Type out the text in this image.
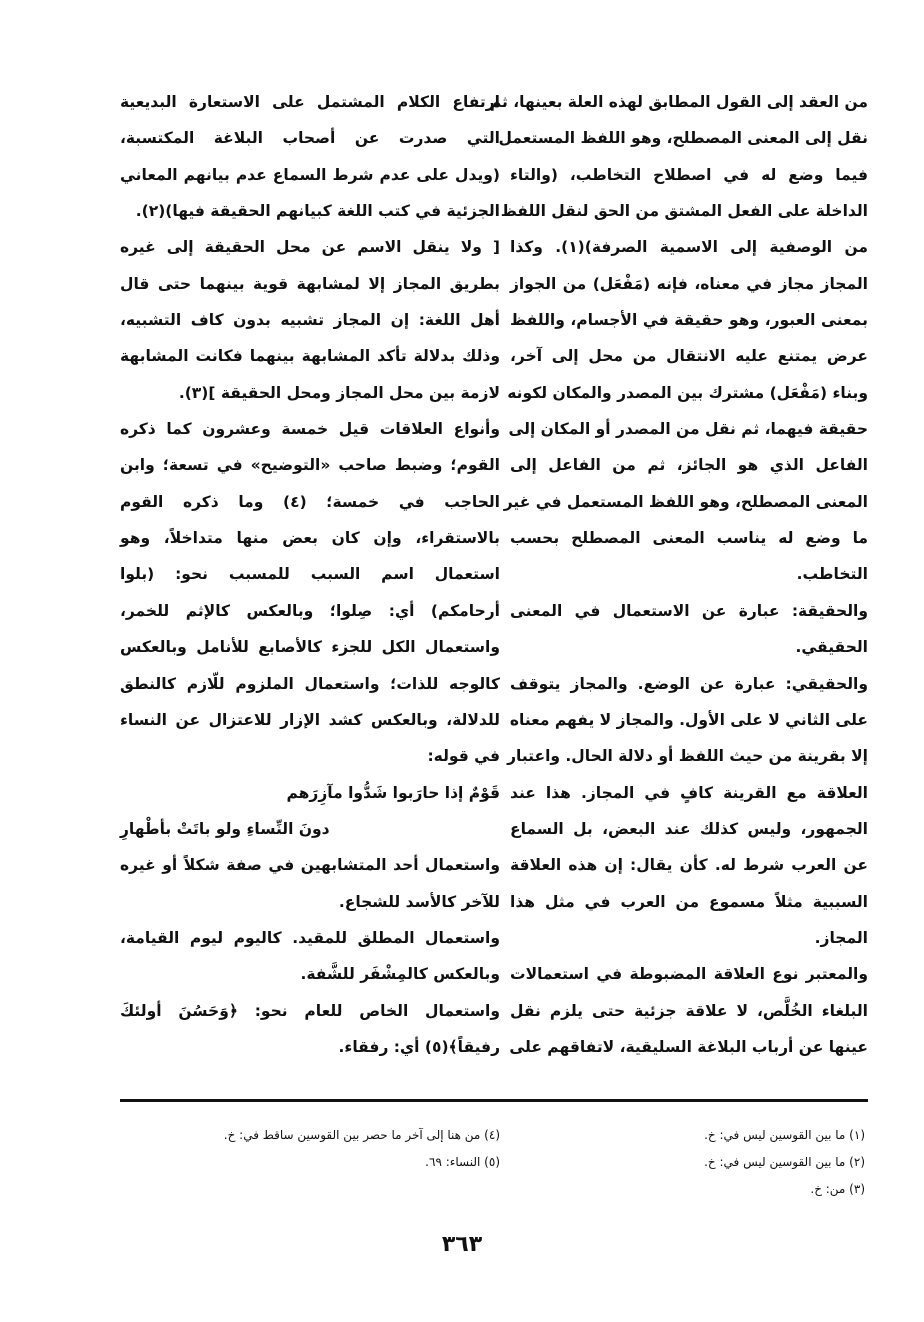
من العقد إلى القول المطابق لهذه العلة بعينها، ثم
نقل إلى المعنى المصطلح، وهو اللفظ المستعمل
فيما وضع له في اصطلاح التخاطب، (والتاء
الداخلة على الفعل المشتق من الحق لنقل اللفظ
من الوصفية إلى الاسمية الصرفة)(١). وكذا
المجاز مجاز في معناه، فإنه (مَفْعَل) من الجواز
بمعنى العبور، وهو حقيقة في الأجسام، واللفظ
عرض يمتنع عليه الانتقال من محل إلى آخر،
وبناء (مَفْعَل) مشترك بين المصدر والمكان لكونه
حقيقة فيهما، ثم نقل من المصدر أو المكان إلى
الفاعل الذي هو الجائز، ثم من الفاعل إلى
المعنى المصطلح، وهو اللفظ المستعمل في غير
ما وضع له يناسب المعنى المصطلح بحسب
التخاطب.
والحقيقة: عبارة عن الاستعمال في المعنى
الحقيقي.
والحقيقي: عبارة عن الوضع. والمجاز يتوقف
على الثاني لا على الأول. والمجاز لا يفهم معناه
إلا بقرينة من حيث اللفظ أو دلالة الحال. واعتبار
العلاقة مع القرينة كافٍ في المجاز. هذا عند
الجمهور، وليس كذلك عند البعض، بل السماع
عن العرب شرط له. كأن يقال: إن هذه العلاقة
السببية مثلاً مسموع من العرب في مثل هذا
المجاز.
والمعتبر نوع العلاقة المضبوطة في استعمالات
البلغاء الخُلَّص، لا علاقة جزئية حتى يلزم نقل
عينها عن أرباب البلاغة السليقية، لاتفاقهم على
ارتفاع الكلام المشتمل على الاستعارة البديعية
التي صدرت عن أصحاب البلاغة المكتسبة،
(ويدل على عدم شرط السماع عدم بيانهم المعاني
الجزئية في كتب اللغة كبيانهم الحقيقة فيها)(٢).
[ ولا ينقل الاسم عن محل الحقيقة إلى غيره
بطريق المجاز إلا لمشابهة قوية بينهما حتى قال
أهل اللغة: إن المجاز تشبيه بدون كاف التشبيه،
وذلك بدلالة تأكد المشابهة بينهما فكانت المشابهة
لازمة بين محل المجاز ومحل الحقيقة ](٣).
وأنواع العلاقات قيل خمسة وعشرون كما ذكره
القوم؛ وضبط صاحب «التوضيح» في تسعة؛ وابن
الحاجب في خمسة؛ (٤) وما ذكره القوم
بالاستقراء، وإن كان بعض منها متداخلاً، وهو
استعمال اسم السبب للمسبب نحو: (بلوا
أرحامكم) أي: صِلوا؛ وبالعكس كالإثم للخمر،
واستعمال الكل للجزء كالأصابع للأنامل وبالعكس
كالوجه للذات؛ واستعمال الملزوم للّازم كالنطق
للدلالة، وبالعكس كشد الإزار للاعتزال عن النساء
في قوله:
قَوْمٌ إذا حارَبوا شَدُّوا مآزِرَهم
دونَ النِّساءِ ولو باتَتْ بأطْهارِ
واستعمال أحد المتشابهين في صفة شكلاً أو غيره
للآخر كالأسد للشجاع.
واستعمال المطلق للمقيد. كاليوم ليوم القيامة،
وبالعكس كالمِشْفَر للشَّفة.
واستعمال الخاص للعام نحو: ﴿وَحَسُنَ أولئكَ
رفيقاً﴾(٥) أي: رفقاء.
(١) ما بين القوسين ليس في: خ.
(٢) ما بين القوسين ليس في: خ.
(٣) من: خ.
(٤) من هنا إلى آخر ما حصر بين القوسين ساقط في: خ.
(٥) النساء: ٦٩.
٣٦٣
